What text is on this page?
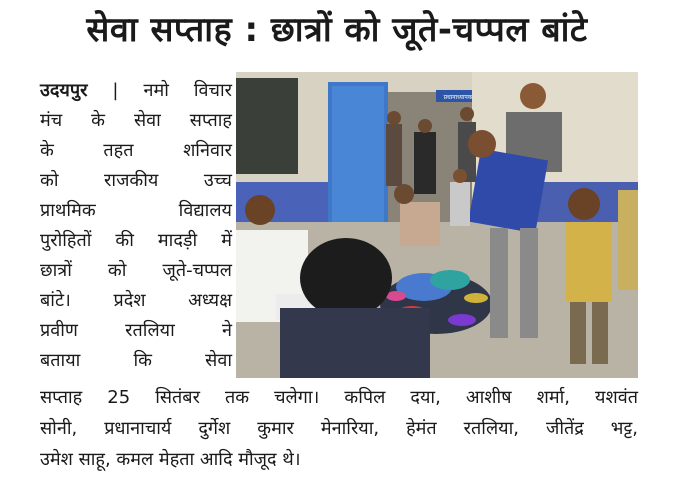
सेवा सप्ताह : छात्रों को जूते-चप्पल बांटे
उदयपुर | नमो विचार
मंच के सेवा सप्ताह
के तहत शनिवार
को राजकीय उच्च
प्राथमिक विद्यालय
पुरोहितों की मादड़ी में
छात्रों को जूते-चप्पल
बांटे। प्रदेश अध्यक्ष
प्रवीण रतलिया ने
बताया कि सेवा
प्रधानाध्यापक
सप्ताह 25 सितंबर तक चलेगा। कपिल दया, आशीष शर्मा, यशवंत
सोनी, प्रधानाचार्य दुर्गेश कुमार मेनारिया, हेमंत रतलिया, जीतेंद्र भट्ट,
उमेश साहू, कमल मेहता आदि मौजूद थे।
